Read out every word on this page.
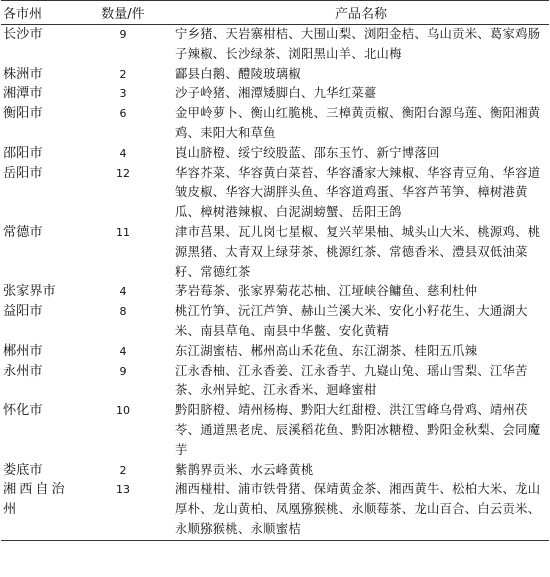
各市州	数量/件	产品名称
长沙市	9	宁乡猪、天岩寨柑桔、大围山梨、浏阳金桔、乌山贡米、葛家鸡肠子辣椒、长沙绿茶、浏阳黑山羊、北山梅
株洲市	2	酃县白鹅、醴陵玻璃椒
湘潭市	3	沙子岭猪、湘潭矮脚白、九华红菜薹
衡阳市	6	金甲岭萝卜、衡山红脆桃、三樟黄贡椒、衡阳台源乌莲、衡阳湘黄鸡、耒阳大和草鱼
邵阳市	4	崀山脐橙、绥宁绞股蓝、邵东玉竹、新宁博落回
岳阳市	12	华容芥菜、华容黄白菜苔、华容潘家大辣椒、华容青豆角、华容道皱皮椒、华容大湖胖头鱼、华容道鸡蛋、华容芦苇笋、樟树港黄瓜、樟树港辣椒、白泥湖螃蟹、岳阳王鸽
常德市	11	津市莒果、瓦儿岗七星椒、复兴苹果柚、城头山大米、桃源鸡、桃源黑猪、太青双上绿芽茶、桃源红茶、常德香米、澧县双低油菜籽、常德红茶
张家界市	4	茅岩莓茶、张家界菊花芯柚、江垭峡谷鳙鱼、慈利杜仲
益阳市	8	桃江竹笋、沅江芦笋、赫山兰溪大米、安化小籽花生、大通湖大米、南县草龟、南县中华鳖、安化黄精
郴州市	4	东江湖蜜桔、郴州高山禾花鱼、东江湖茶、桂阳五爪辣
永州市	9	江永香柚、江永香姜、江永香芋、九嶷山兔、瑶山雪梨、江华苦茶、永州异蛇、江永香米、迴峰蜜柑
怀化市	10	黔阳脐橙、靖州杨梅、黔阳大红甜橙、洪江雪峰乌骨鸡、靖州茯苓、通道黑老虎、辰溪稻花鱼、黔阳冰糖橙、黔阳金秋梨、会同魔芋
娄底市	2	紫鹊界贡米、水云峰黄桃
湘西自治州	13	湘西椪柑、浦市铁骨猪、保靖黄金茶、湘西黄牛、松柏大米、龙山厚朴、龙山黄柏、凤凰猕猴桃、永顺莓茶、龙山百合、白云贡米、永顺猕猴桃、永顺蜜桔
